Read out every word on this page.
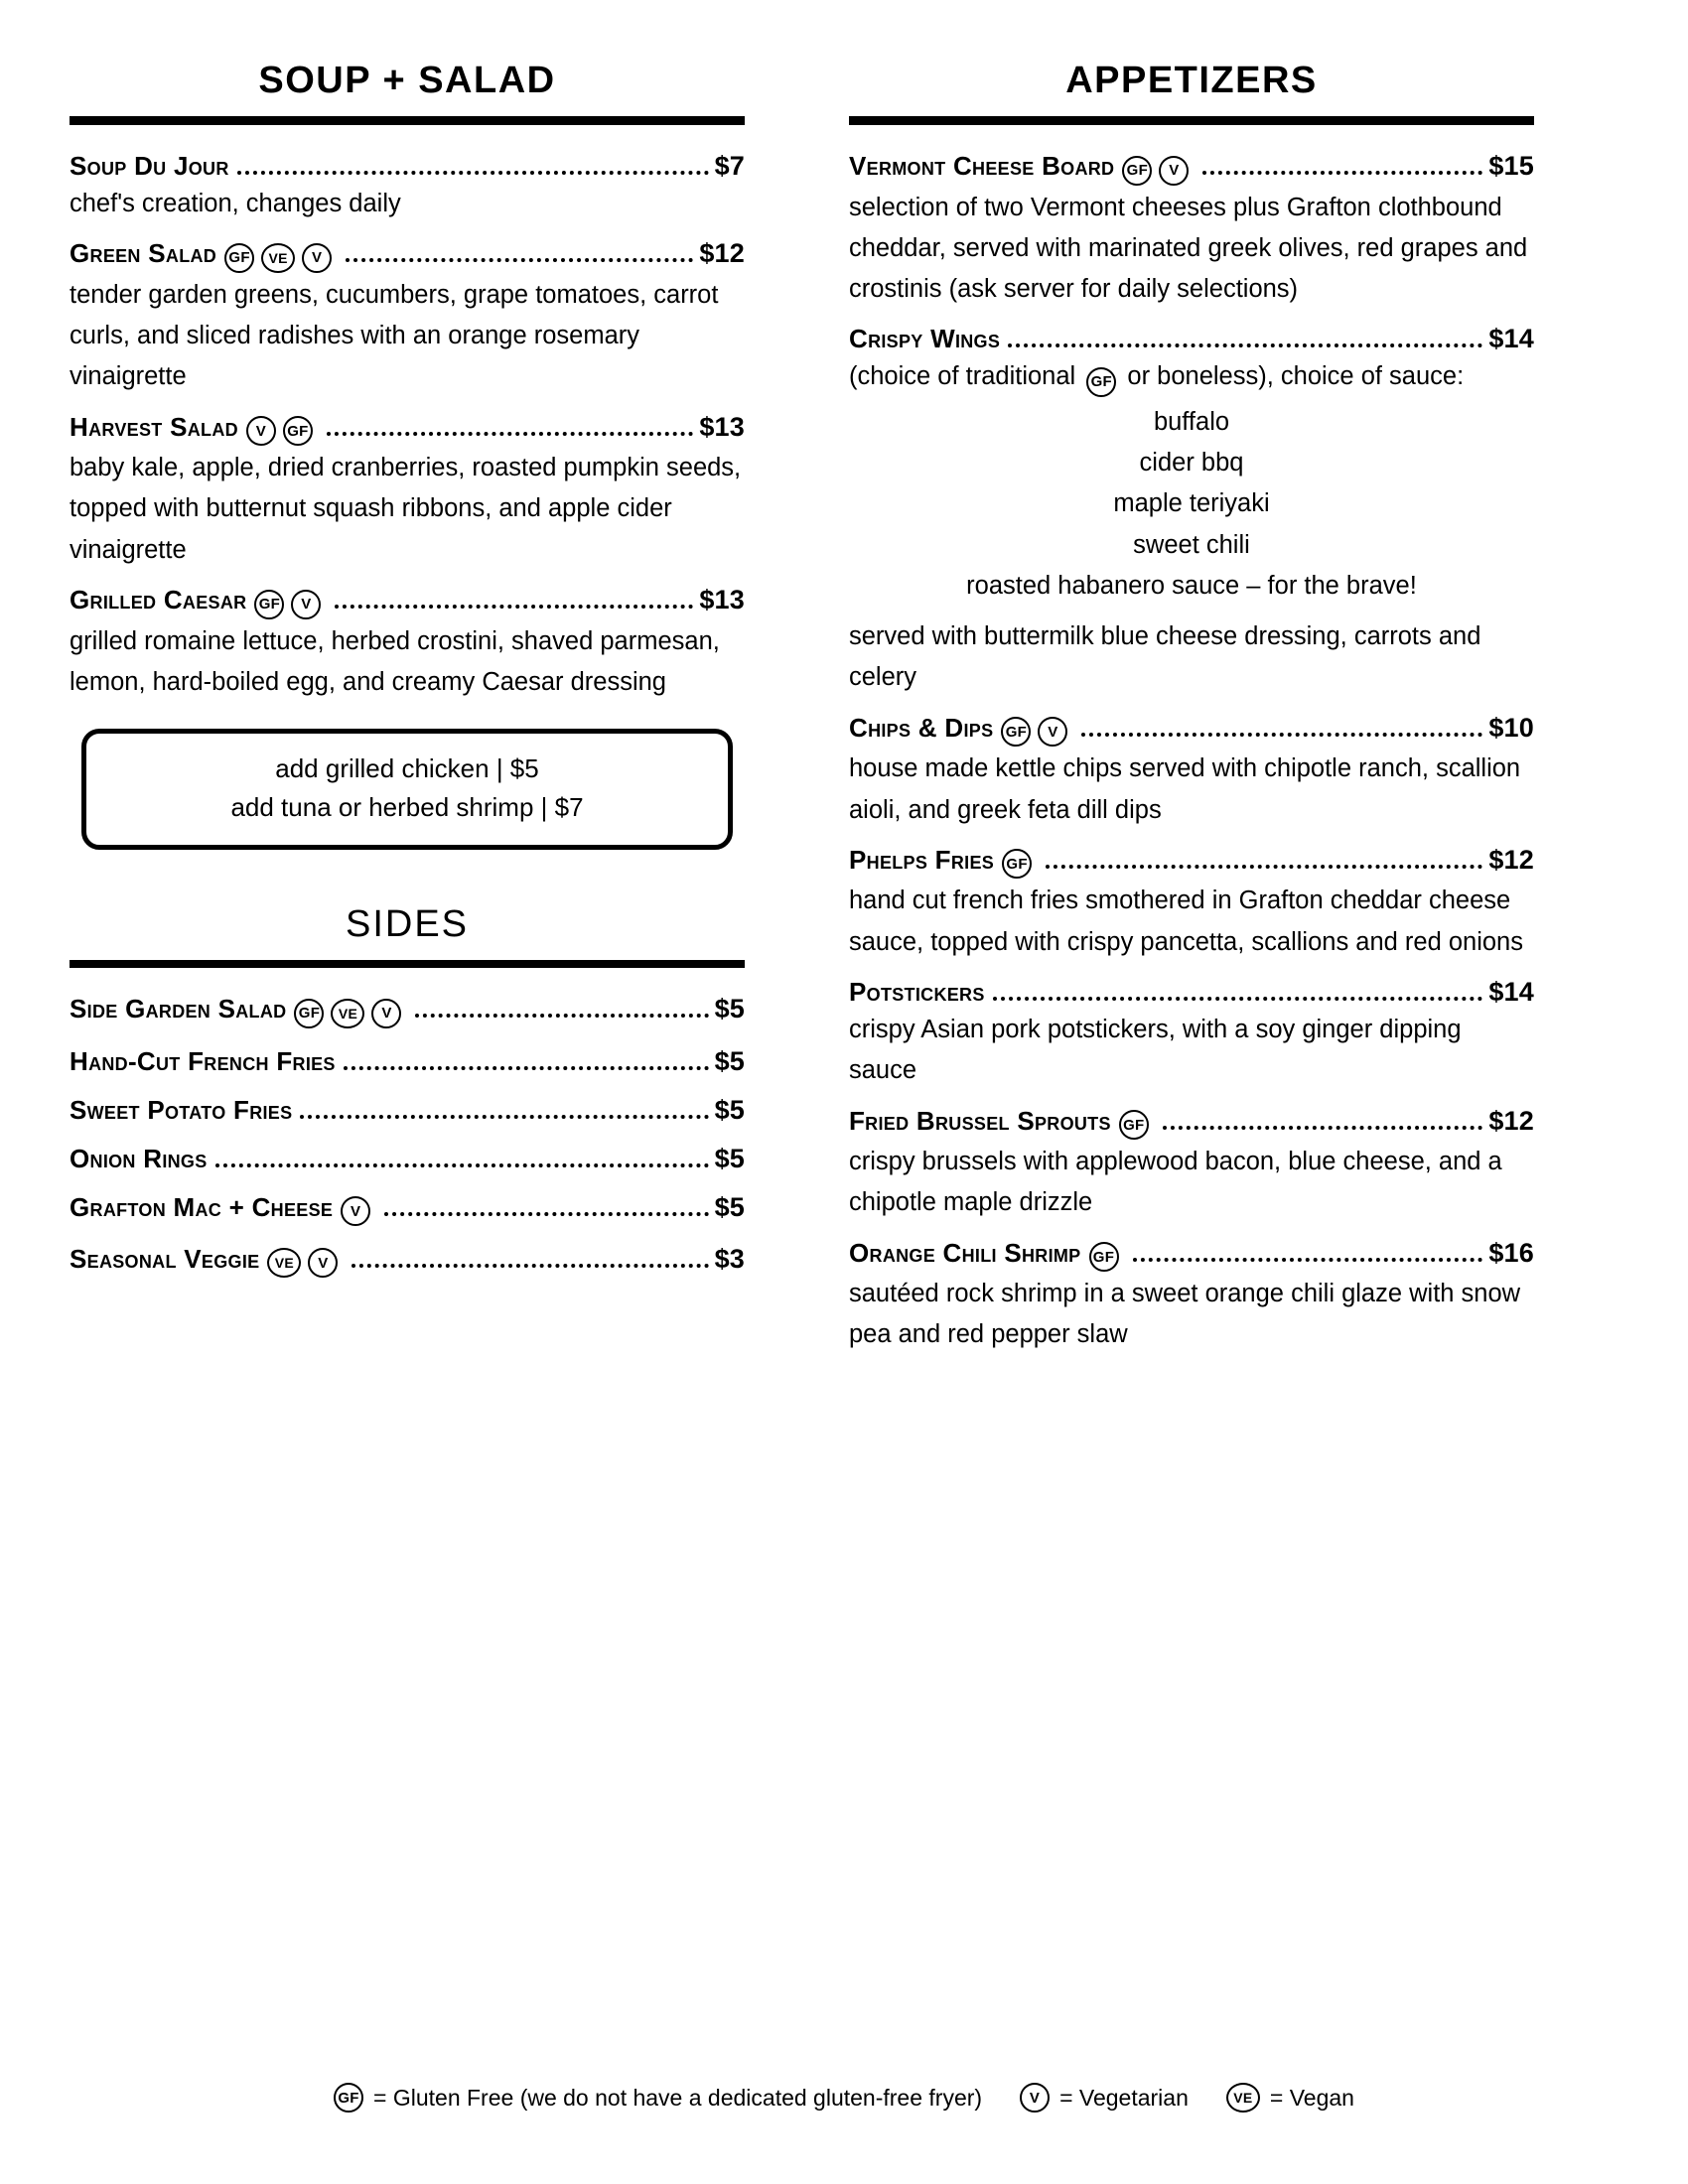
SOUP + SALAD
Soup Du Jour	$7
chef's creation, changes daily
Green Salad GF	VE	V	$12
tender garden greens, cucumbers, grape tomatoes, carrot curls, and sliced radishes with an orange rosemary vinaigrette
Harvest Salad	V	GF	$13
baby kale, apple, dried cranberries, roasted pumpkin seeds, topped with butternut squash ribbons, and apple cider vinaigrette
Grilled Caesar GF	V	$13
grilled romaine lettuce, herbed crostini, shaved parmesan, lemon, hard-boiled egg, and creamy Caesar dressing
add grilled chicken | $5
add tuna or herbed shrimp | $7
SIDES
Side Garden Salad GF	VE	V	$5
Hand-Cut French Fries	$5
Sweet Potato Fries	$5
Onion Rings	$5
Grafton Mac + Cheese	V	$5
Seasonal Veggie	VE	V	$3
APPETIZERS
Vermont Cheese Board GF	V	$15
selection of two Vermont cheeses plus Grafton clothbound cheddar, served with marinated greek olives, red grapes and crostinis (ask server for daily selections)
Crispy Wings	$14
(choice of traditional GF or boneless), choice of sauce:
buffalo
cider bbq
maple teriyaki
sweet chili
roasted habanero sauce – for the brave!
served with buttermilk blue cheese dressing, carrots and celery
Chips & Dips GF	V	$10
house made kettle chips served with chipotle ranch, scallion aioli, and greek feta dill dips
Phelps Fries GF	$12
hand cut french fries smothered in Grafton cheddar cheese sauce, topped with crispy pancetta, scallions and red onions
Potstickers	$14
crispy Asian pork potstickers, with a soy ginger dipping sauce
Fried Brussel Sprouts GF	$12
crispy brussels with applewood bacon, blue cheese, and a chipotle maple drizzle
Orange Chili Shrimp GF	$16
sautéed rock shrimp in a sweet orange chili glaze with snow pea and red pepper slaw
GF = Gluten Free (we do not have a dedicated gluten-free fryer)	V = Vegetarian	VE = Vegan
